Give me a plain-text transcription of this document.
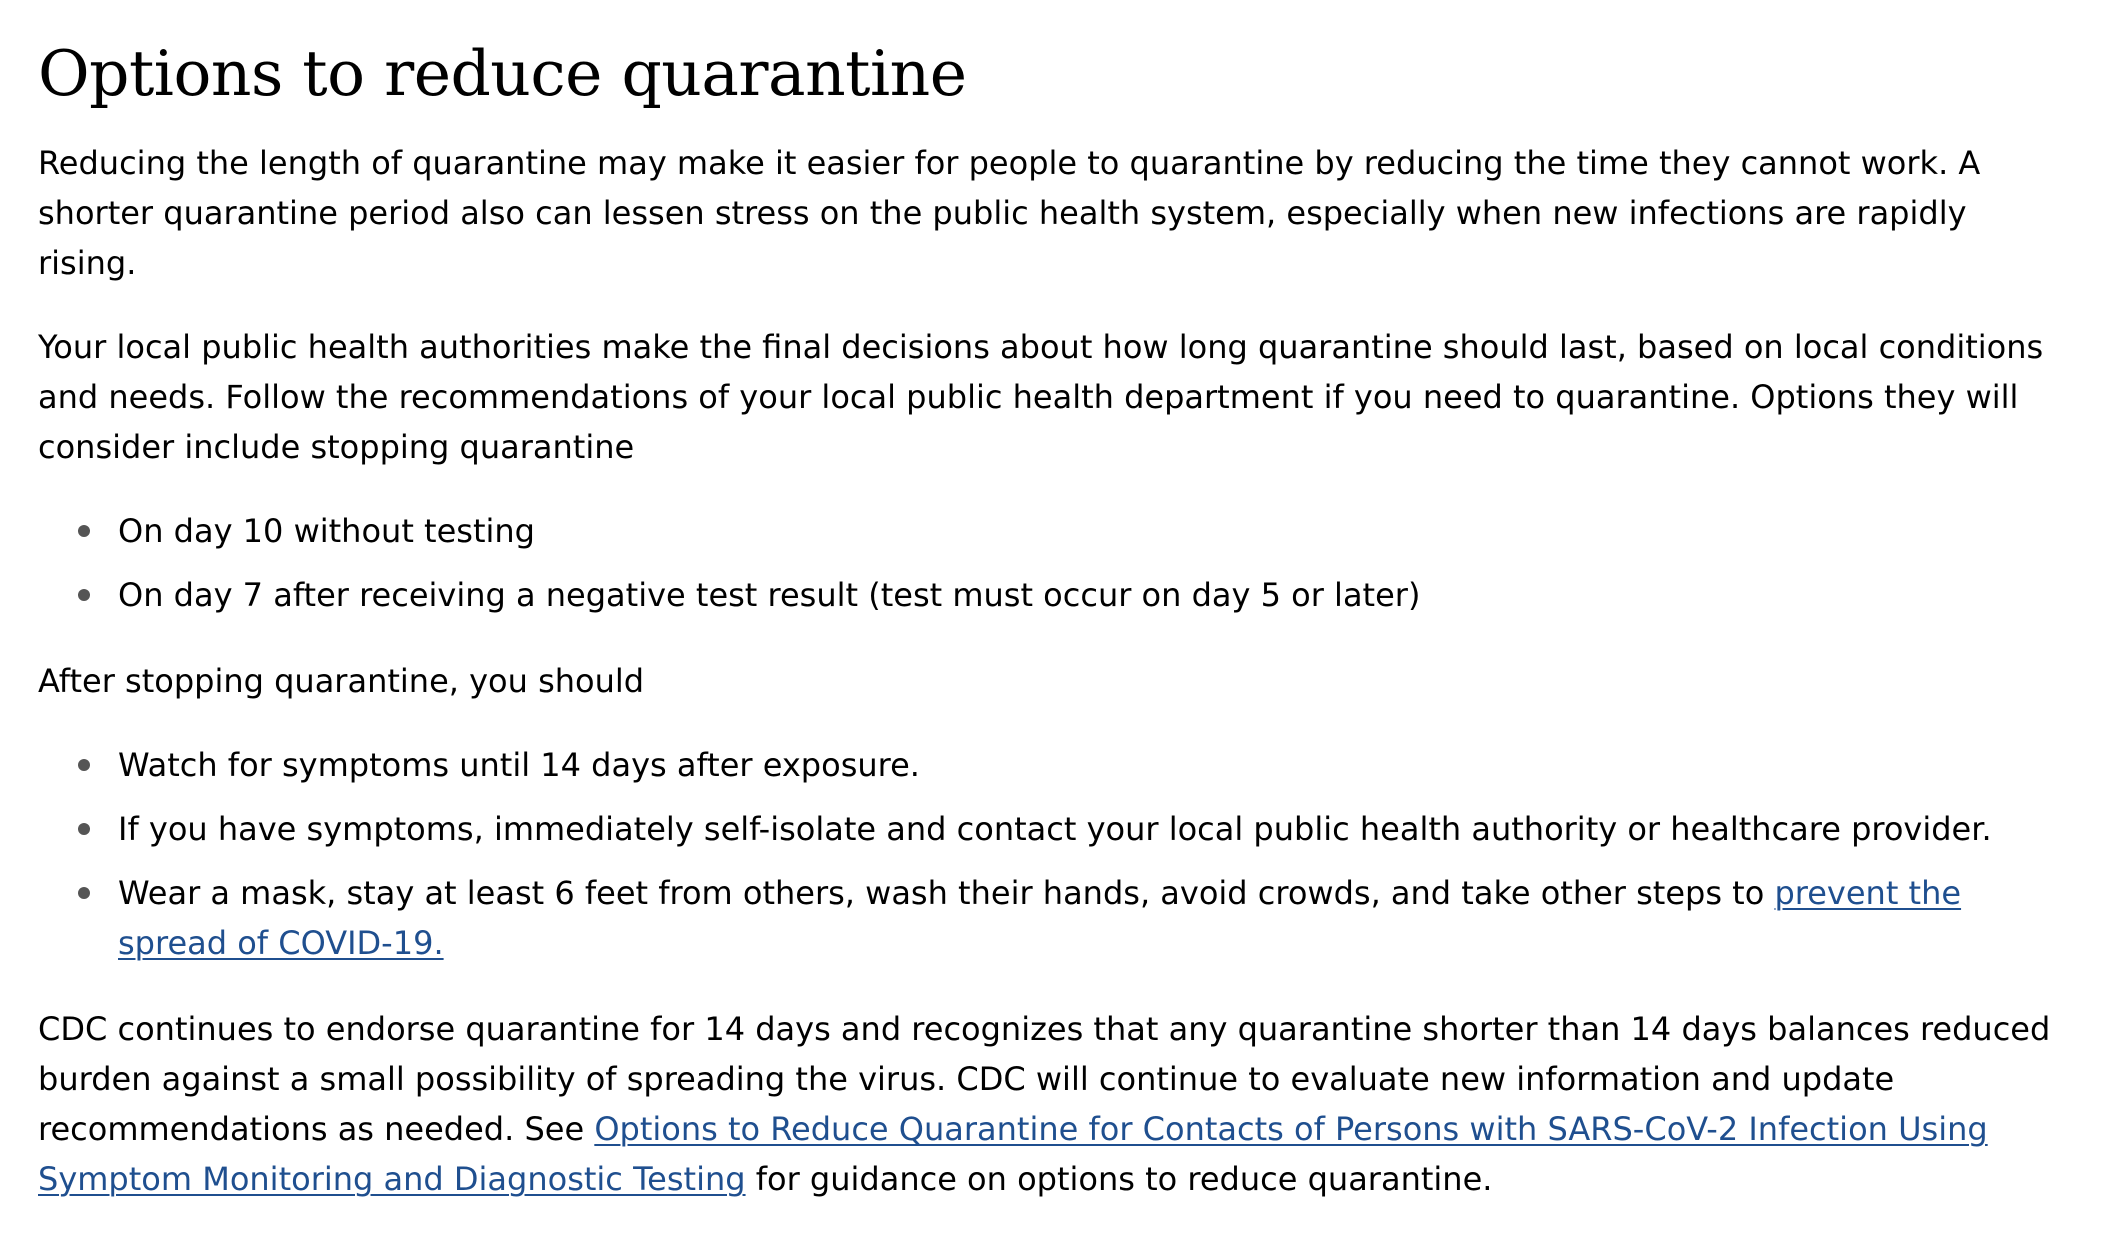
Options to reduce quarantine

Reducing the length of quarantine may make it easier for people to quarantine by reducing the time they cannot work. A shorter quarantine period also can lessen stress on the public health system, especially when new infections are rapidly rising.

Your local public health authorities make the final decisions about how long quarantine should last, based on local conditions and needs. Follow the recommendations of your local public health department if you need to quarantine. Options they will consider include stopping quarantine

On day 10 without testing
On day 7 after receiving a negative test result (test must occur on day 5 or later)

After stopping quarantine, you should

Watch for symptoms until 14 days after exposure.
If you have symptoms, immediately self-isolate and contact your local public health authority or healthcare provider.
Wear a mask, stay at least 6 feet from others, wash their hands, avoid crowds, and take other steps to prevent the spread of COVID-19.

CDC continues to endorse quarantine for 14 days and recognizes that any quarantine shorter than 14 days balances reduced burden against a small possibility of spreading the virus. CDC will continue to evaluate new information and update recommendations as needed. See Options to Reduce Quarantine for Contacts of Persons with SARS-CoV-2 Infection Using Symptom Monitoring and Diagnostic Testing for guidance on options to reduce quarantine.
